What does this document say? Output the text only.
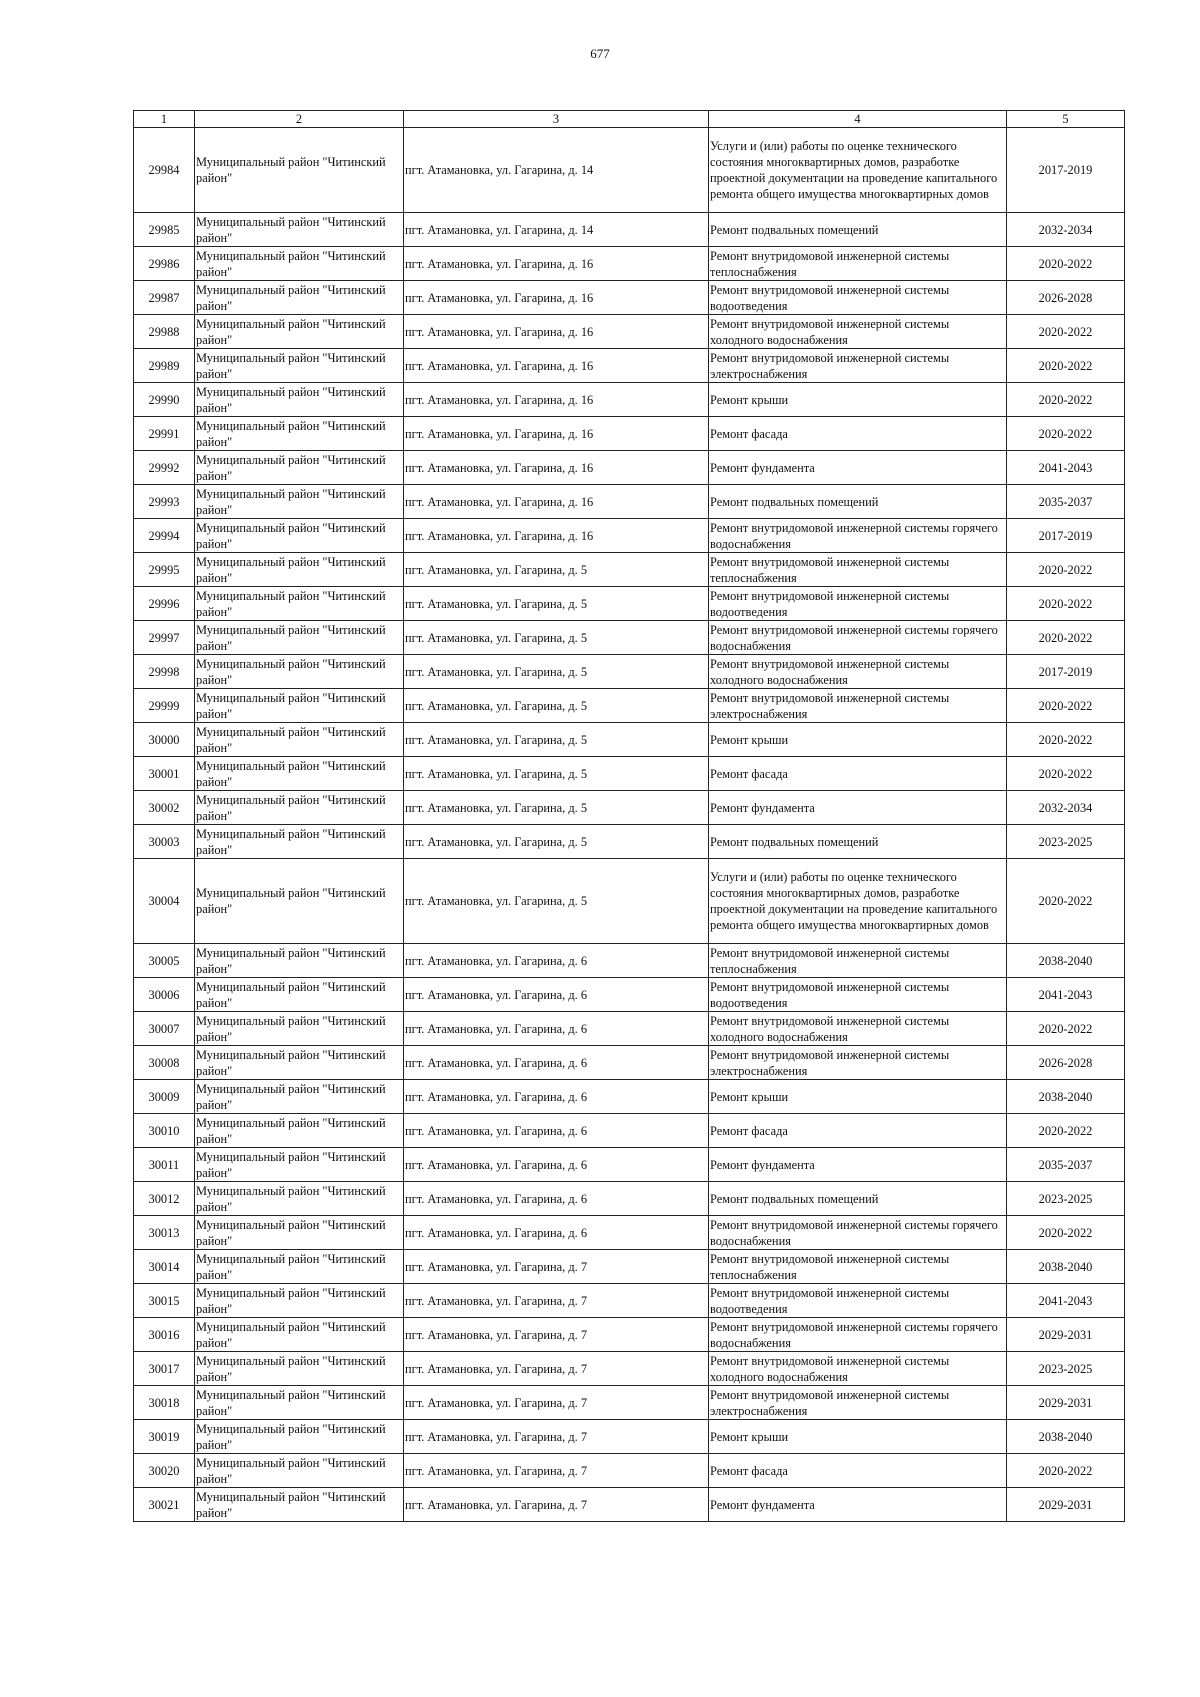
677
1	2	3	4	5
29984	Муниципальный район "Читинский район"	пгт. Атамановка, ул. Гагарина, д. 14	Услуги и (или) работы по оценке технического состояния многоквартирных домов, разработке проектной документации на проведение капитального ремонта общего имущества многоквартирных домов	2017-2019
29985	Муниципальный район "Читинский район"	пгт. Атамановка, ул. Гагарина, д. 14	Ремонт подвальных помещений	2032-2034
29986	Муниципальный район "Читинский район"	пгт. Атамановка, ул. Гагарина, д. 16	Ремонт внутридомовой инженерной системы теплоснабжения	2020-2022
29987	Муниципальный район "Читинский район"	пгт. Атамановка, ул. Гагарина, д. 16	Ремонт внутридомовой инженерной системы водоотведения	2026-2028
29988	Муниципальный район "Читинский район"	пгт. Атамановка, ул. Гагарина, д. 16	Ремонт внутридомовой инженерной системы холодного водоснабжения	2020-2022
29989	Муниципальный район "Читинский район"	пгт. Атамановка, ул. Гагарина, д. 16	Ремонт внутридомовой инженерной системы электроснабжения	2020-2022
29990	Муниципальный район "Читинский район"	пгт. Атамановка, ул. Гагарина, д. 16	Ремонт крыши	2020-2022
29991	Муниципальный район "Читинский район"	пгт. Атамановка, ул. Гагарина, д. 16	Ремонт фасада	2020-2022
29992	Муниципальный район "Читинский район"	пгт. Атамановка, ул. Гагарина, д. 16	Ремонт фундамента	2041-2043
29993	Муниципальный район "Читинский район"	пгт. Атамановка, ул. Гагарина, д. 16	Ремонт подвальных помещений	2035-2037
29994	Муниципальный район "Читинский район"	пгт. Атамановка, ул. Гагарина, д. 16	Ремонт внутридомовой инженерной системы горячего водоснабжения	2017-2019
29995	Муниципальный район "Читинский район"	пгт. Атамановка, ул. Гагарина, д. 5	Ремонт внутридомовой инженерной системы теплоснабжения	2020-2022
29996	Муниципальный район "Читинский район"	пгт. Атамановка, ул. Гагарина, д. 5	Ремонт внутридомовой инженерной системы водоотведения	2020-2022
29997	Муниципальный район "Читинский район"	пгт. Атамановка, ул. Гагарина, д. 5	Ремонт внутридомовой инженерной системы горячего водоснабжения	2020-2022
29998	Муниципальный район "Читинский район"	пгт. Атамановка, ул. Гагарина, д. 5	Ремонт внутридомовой инженерной системы холодного водоснабжения	2017-2019
29999	Муниципальный район "Читинский район"	пгт. Атамановка, ул. Гагарина, д. 5	Ремонт внутридомовой инженерной системы электроснабжения	2020-2022
30000	Муниципальный район "Читинский район"	пгт. Атамановка, ул. Гагарина, д. 5	Ремонт крыши	2020-2022
30001	Муниципальный район "Читинский район"	пгт. Атамановка, ул. Гагарина, д. 5	Ремонт фасада	2020-2022
30002	Муниципальный район "Читинский район"	пгт. Атамановка, ул. Гагарина, д. 5	Ремонт фундамента	2032-2034
30003	Муниципальный район "Читинский район"	пгт. Атамановка, ул. Гагарина, д. 5	Ремонт подвальных помещений	2023-2025
30004	Муниципальный район "Читинский район"	пгт. Атамановка, ул. Гагарина, д. 5	Услуги и (или) работы по оценке технического состояния многоквартирных домов, разработке проектной документации на проведение капитального ремонта общего имущества многоквартирных домов	2020-2022
30005	Муниципальный район "Читинский район"	пгт. Атамановка, ул. Гагарина, д. 6	Ремонт внутридомовой инженерной системы теплоснабжения	2038-2040
30006	Муниципальный район "Читинский район"	пгт. Атамановка, ул. Гагарина, д. 6	Ремонт внутридомовой инженерной системы водоотведения	2041-2043
30007	Муниципальный район "Читинский район"	пгт. Атамановка, ул. Гагарина, д. 6	Ремонт внутридомовой инженерной системы холодного водоснабжения	2020-2022
30008	Муниципальный район "Читинский район"	пгт. Атамановка, ул. Гагарина, д. 6	Ремонт внутридомовой инженерной системы электроснабжения	2026-2028
30009	Муниципальный район "Читинский район"	пгт. Атамановка, ул. Гагарина, д. 6	Ремонт крыши	2038-2040
30010	Муниципальный район "Читинский район"	пгт. Атамановка, ул. Гагарина, д. 6	Ремонт фасада	2020-2022
30011	Муниципальный район "Читинский район"	пгт. Атамановка, ул. Гагарина, д. 6	Ремонт фундамента	2035-2037
30012	Муниципальный район "Читинский район"	пгт. Атамановка, ул. Гагарина, д. 6	Ремонт подвальных помещений	2023-2025
30013	Муниципальный район "Читинский район"	пгт. Атамановка, ул. Гагарина, д. 6	Ремонт внутридомовой инженерной системы горячего водоснабжения	2020-2022
30014	Муниципальный район "Читинский район"	пгт. Атамановка, ул. Гагарина, д. 7	Ремонт внутридомовой инженерной системы теплоснабжения	2038-2040
30015	Муниципальный район "Читинский район"	пгт. Атамановка, ул. Гагарина, д. 7	Ремонт внутридомовой инженерной системы водоотведения	2041-2043
30016	Муниципальный район "Читинский район"	пгт. Атамановка, ул. Гагарина, д. 7	Ремонт внутридомовой инженерной системы горячего водоснабжения	2029-2031
30017	Муниципальный район "Читинский район"	пгт. Атамановка, ул. Гагарина, д. 7	Ремонт внутридомовой инженерной системы холодного водоснабжения	2023-2025
30018	Муниципальный район "Читинский район"	пгт. Атамановка, ул. Гагарина, д. 7	Ремонт внутридомовой инженерной системы электроснабжения	2029-2031
30019	Муниципальный район "Читинский район"	пгт. Атамановка, ул. Гагарина, д. 7	Ремонт крыши	2038-2040
30020	Муниципальный район "Читинский район"	пгт. Атамановка, ул. Гагарина, д. 7	Ремонт фасада	2020-2022
30021	Муниципальный район "Читинский район"	пгт. Атамановка, ул. Гагарина, д. 7	Ремонт фундамента	2029-2031
